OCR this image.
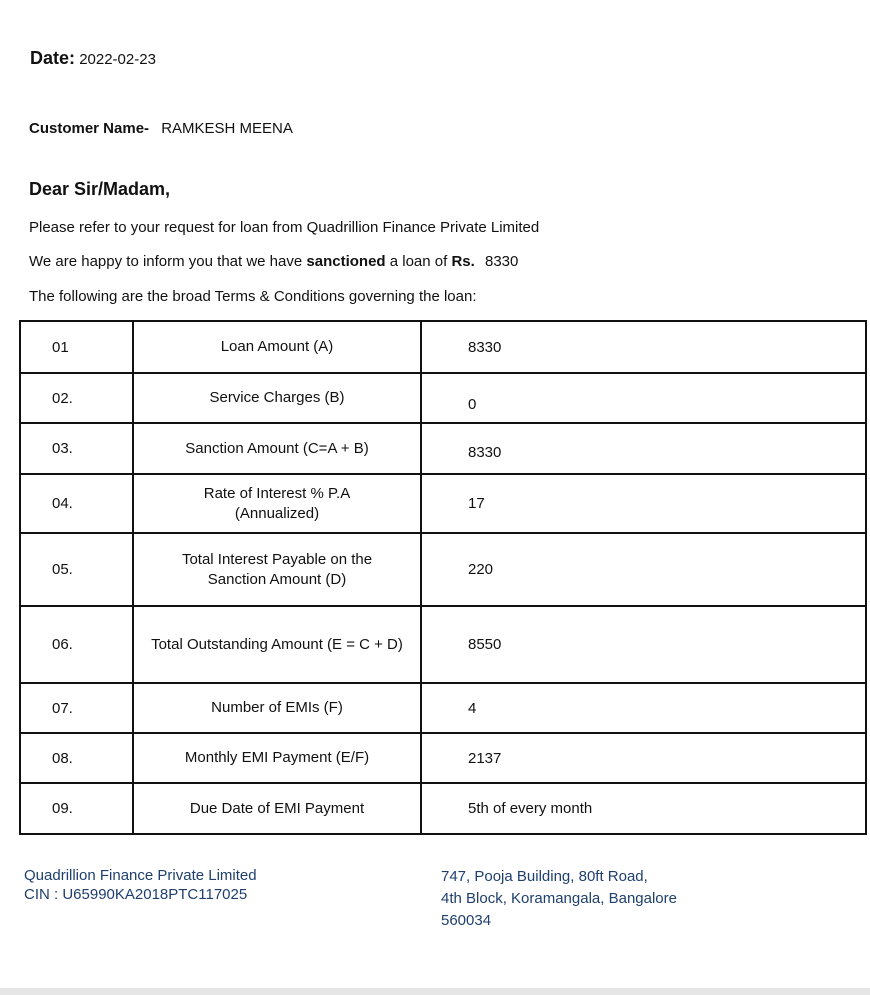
Date: 2022-02-23
Customer Name- RAMKESH MEENA
Dear Sir/Madam,
Please refer to your request for loan from Quadrillion Finance Private Limited
We are happy to inform you that we have sanctioned a loan of Rs. 8330
The following are the broad Terms & Conditions governing the loan:
01	Loan Amount (A)	8330
02.	Service Charges (B)	0
03.	Sanction Amount (C=A + B)	8330
04.	Rate of Interest % P.A (Annualized)	17
05.	Total Interest Payable on the Sanction Amount (D)	220
06.	Total Outstanding Amount (E = C + D)	8550
07.	Number of EMIs (F)	4
08.	Monthly EMI Payment (E/F)	2137
09.	Due Date of EMI Payment	5th of every month
Quadrillion Finance Private Limited
CIN : U65990KA2018PTC117025
747, Pooja Building, 80ft Road,
4th Block, Koramangala, Bangalore
560034
